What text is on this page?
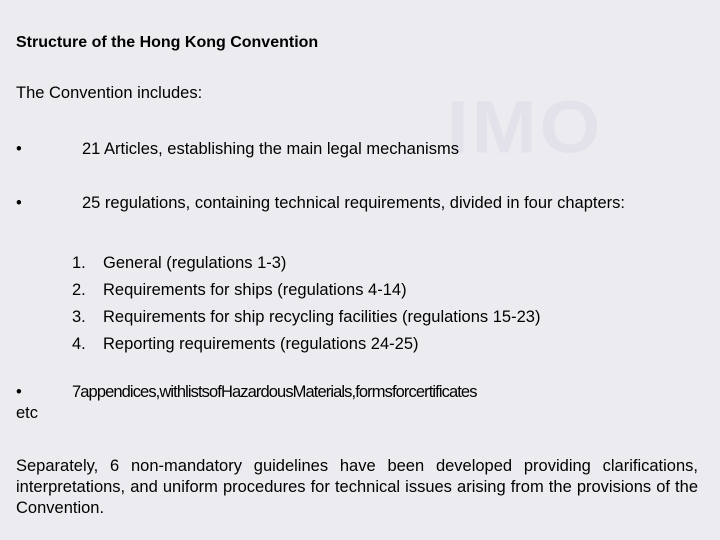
IMO
Structure of the Hong Kong Convention
The Convention includes:
•	21 Articles, establishing the main legal mechanisms
•	25 regulations, containing technical requirements, divided in four chapters:
1.	General (regulations 1-3)
2.	Requirements for ships (regulations 4-14)
3.	Requirements for ship recycling facilities (regulations 15-23)
4.	Reporting requirements (regulations 24-25)
•	7appendices,withlistsofHazardousMaterials,formsforcertificates
etc
Separately, 6 non-mandatory guidelines have been developed providing clarifications, interpretations, and uniform procedures for technical issues arising from the provisions of the Convention.
